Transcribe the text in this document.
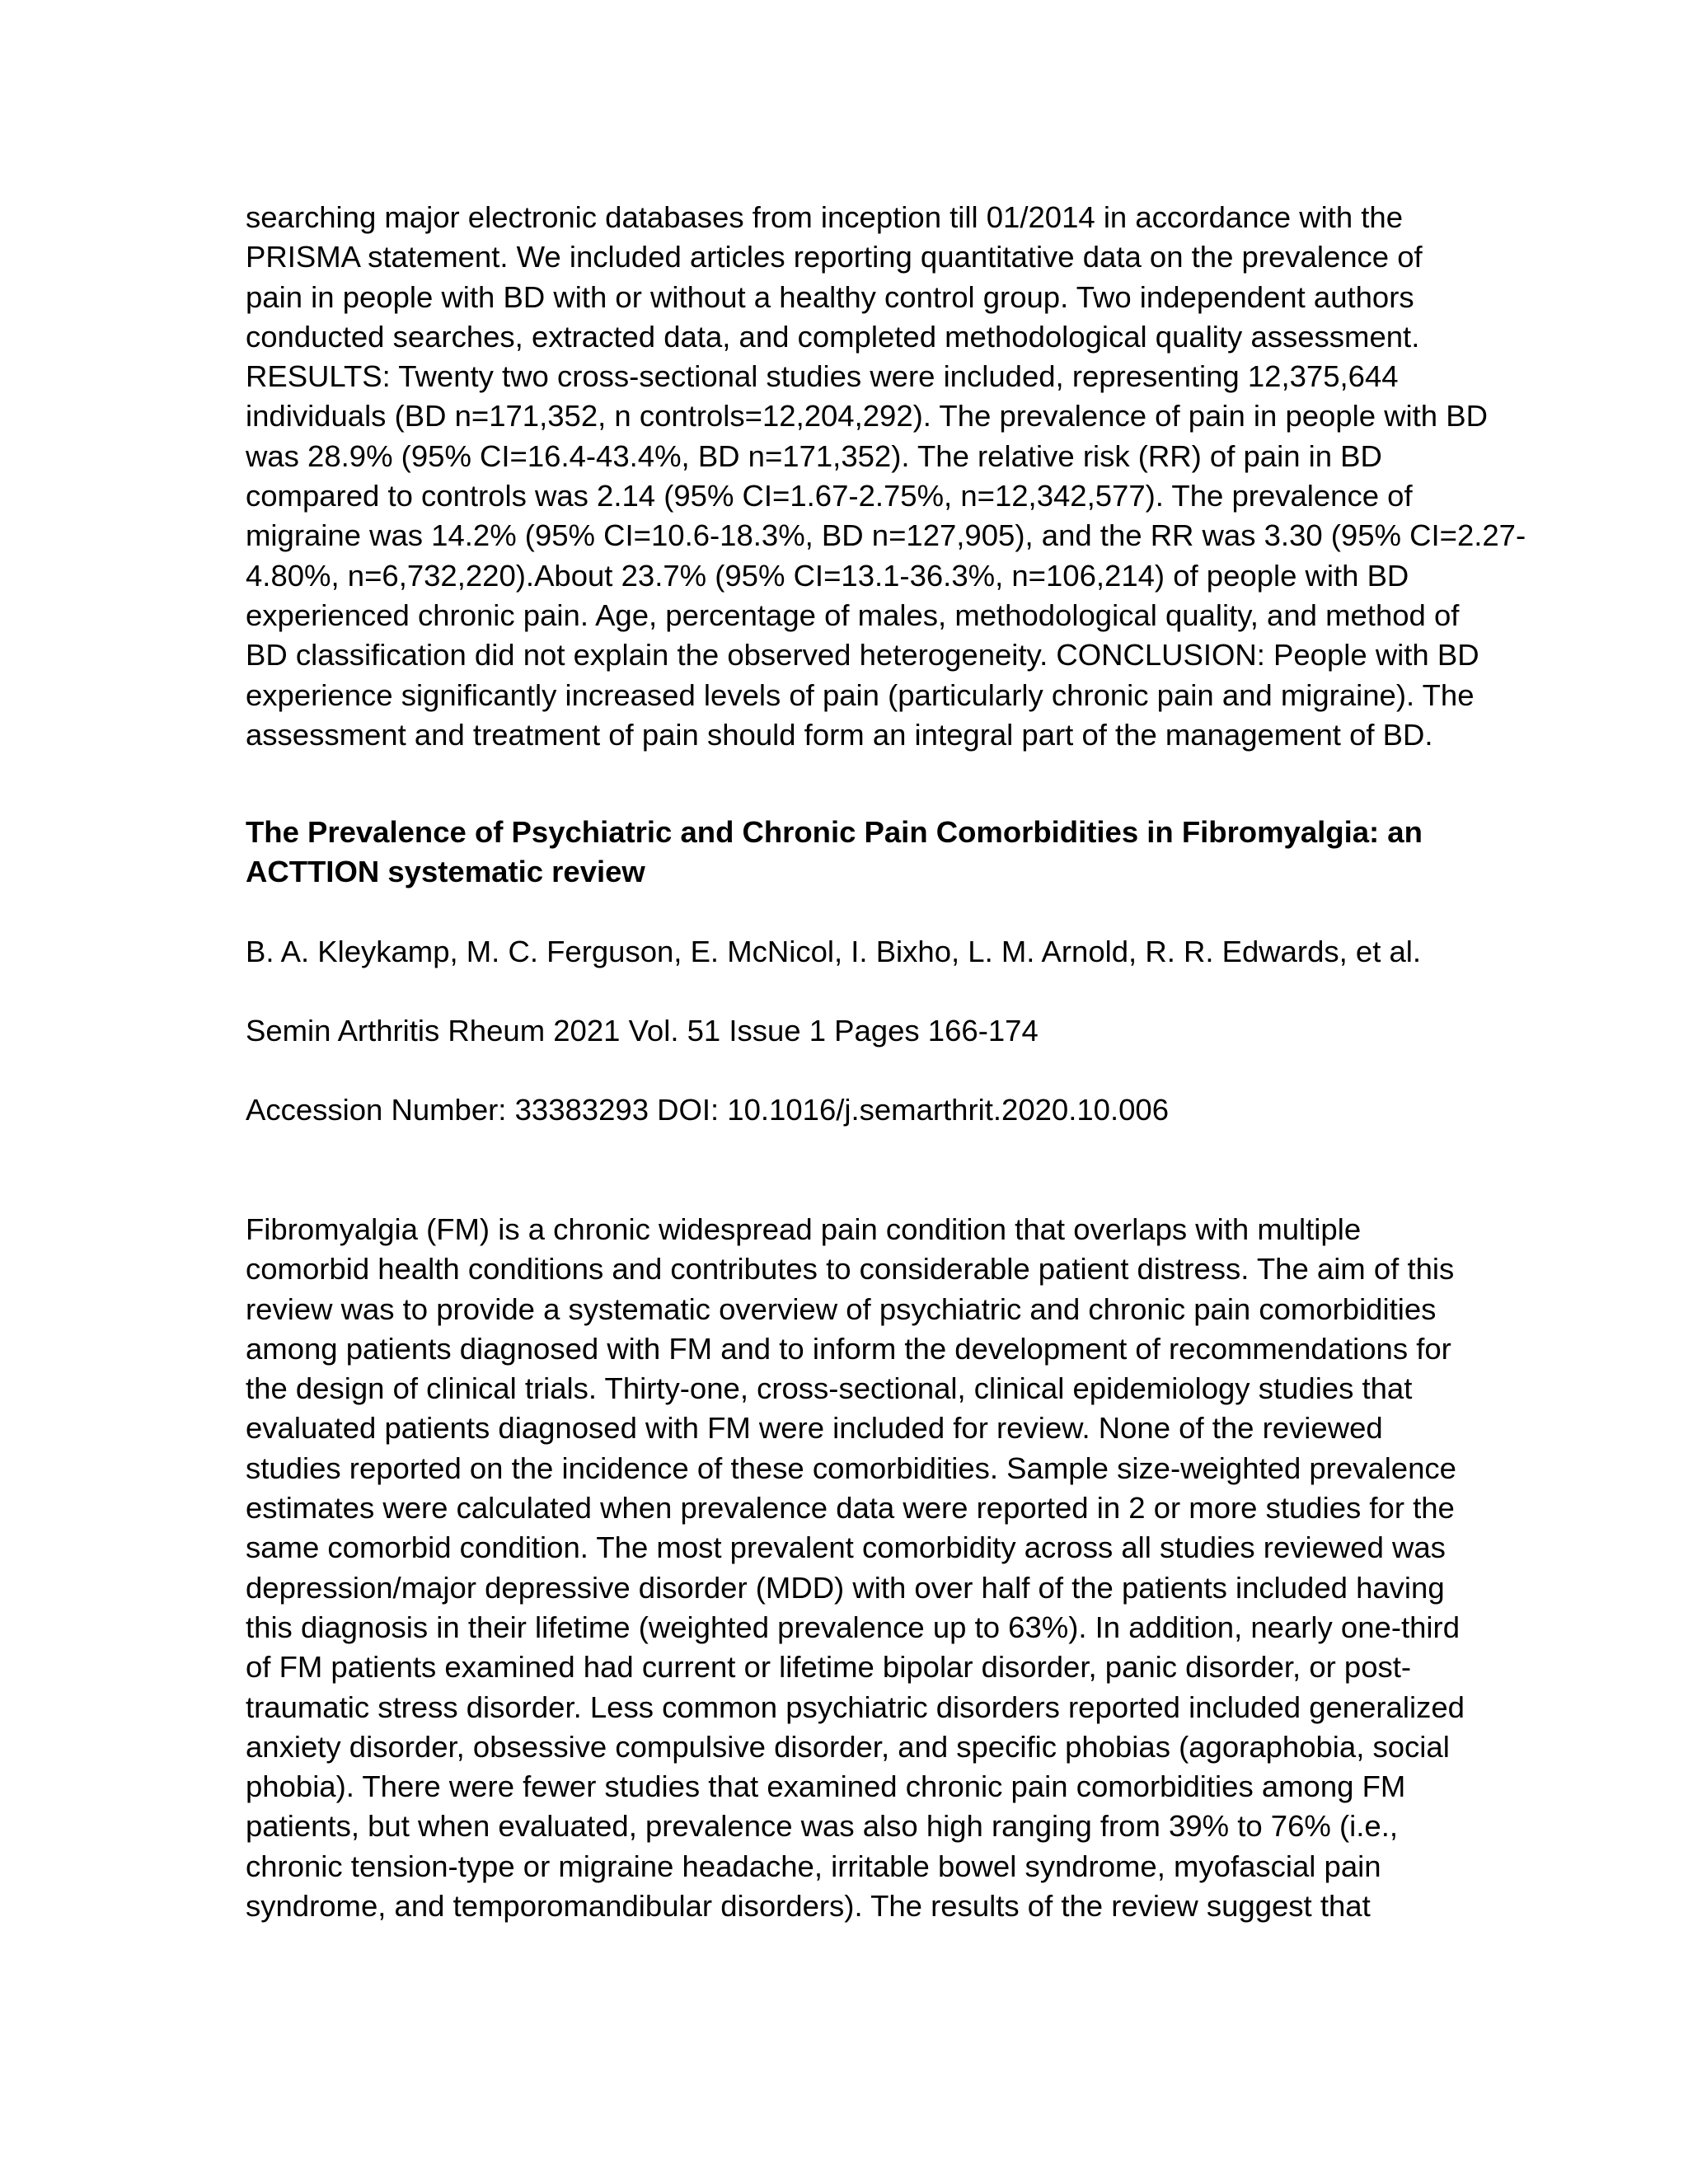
searching major electronic databases from inception till 01/2014 in accordance with the
PRISMA statement. We included articles reporting quantitative data on the prevalence of
pain in people with BD with or without a healthy control group. Two independent authors
conducted searches, extracted data, and completed methodological quality assessment.
RESULTS: Twenty two cross-sectional studies were included, representing 12,375,644
individuals (BD n=171,352, n controls=12,204,292). The prevalence of pain in people with BD
was 28.9% (95% CI=16.4-43.4%, BD n=171,352). The relative risk (RR) of pain in BD
compared to controls was 2.14 (95% CI=1.67-2.75%, n=12,342,577). The prevalence of
migraine was 14.2% (95% CI=10.6-18.3%, BD n=127,905), and the RR was 3.30 (95% CI=2.27-
4.80%, n=6,732,220).About 23.7% (95% CI=13.1-36.3%, n=106,214) of people with BD
experienced chronic pain. Age, percentage of males, methodological quality, and method of
BD classification did not explain the observed heterogeneity. CONCLUSION: People with BD
experience significantly increased levels of pain (particularly chronic pain and migraine). The
assessment and treatment of pain should form an integral part of the management of BD.
The Prevalence of Psychiatric and Chronic Pain Comorbidities in Fibromyalgia: an
ACTTION systematic review

B. A. Kleykamp, M. C. Ferguson, E. McNicol, I. Bixho, L. M. Arnold, R. R. Edwards, et al.

Semin Arthritis Rheum 2021 Vol. 51 Issue 1 Pages 166-174

Accession Number: 33383293 DOI: 10.1016/j.semarthrit.2020.10.006

Fibromyalgia (FM) is a chronic widespread pain condition that overlaps with multiple
comorbid health conditions and contributes to considerable patient distress. The aim of this
review was to provide a systematic overview of psychiatric and chronic pain comorbidities
among patients diagnosed with FM and to inform the development of recommendations for
the design of clinical trials. Thirty-one, cross-sectional, clinical epidemiology studies that
evaluated patients diagnosed with FM were included for review. None of the reviewed
studies reported on the incidence of these comorbidities. Sample size-weighted prevalence
estimates were calculated when prevalence data were reported in 2 or more studies for the
same comorbid condition. The most prevalent comorbidity across all studies reviewed was
depression/major depressive disorder (MDD) with over half of the patients included having
this diagnosis in their lifetime (weighted prevalence up to 63%). In addition, nearly one-third
of FM patients examined had current or lifetime bipolar disorder, panic disorder, or post-
traumatic stress disorder. Less common psychiatric disorders reported included generalized
anxiety disorder, obsessive compulsive disorder, and specific phobias (agoraphobia, social
phobia). There were fewer studies that examined chronic pain comorbidities among FM
patients, but when evaluated, prevalence was also high ranging from 39% to 76% (i.e.,
chronic tension-type or migraine headache, irritable bowel syndrome, myofascial pain
syndrome, and temporomandibular disorders). The results of the review suggest that
